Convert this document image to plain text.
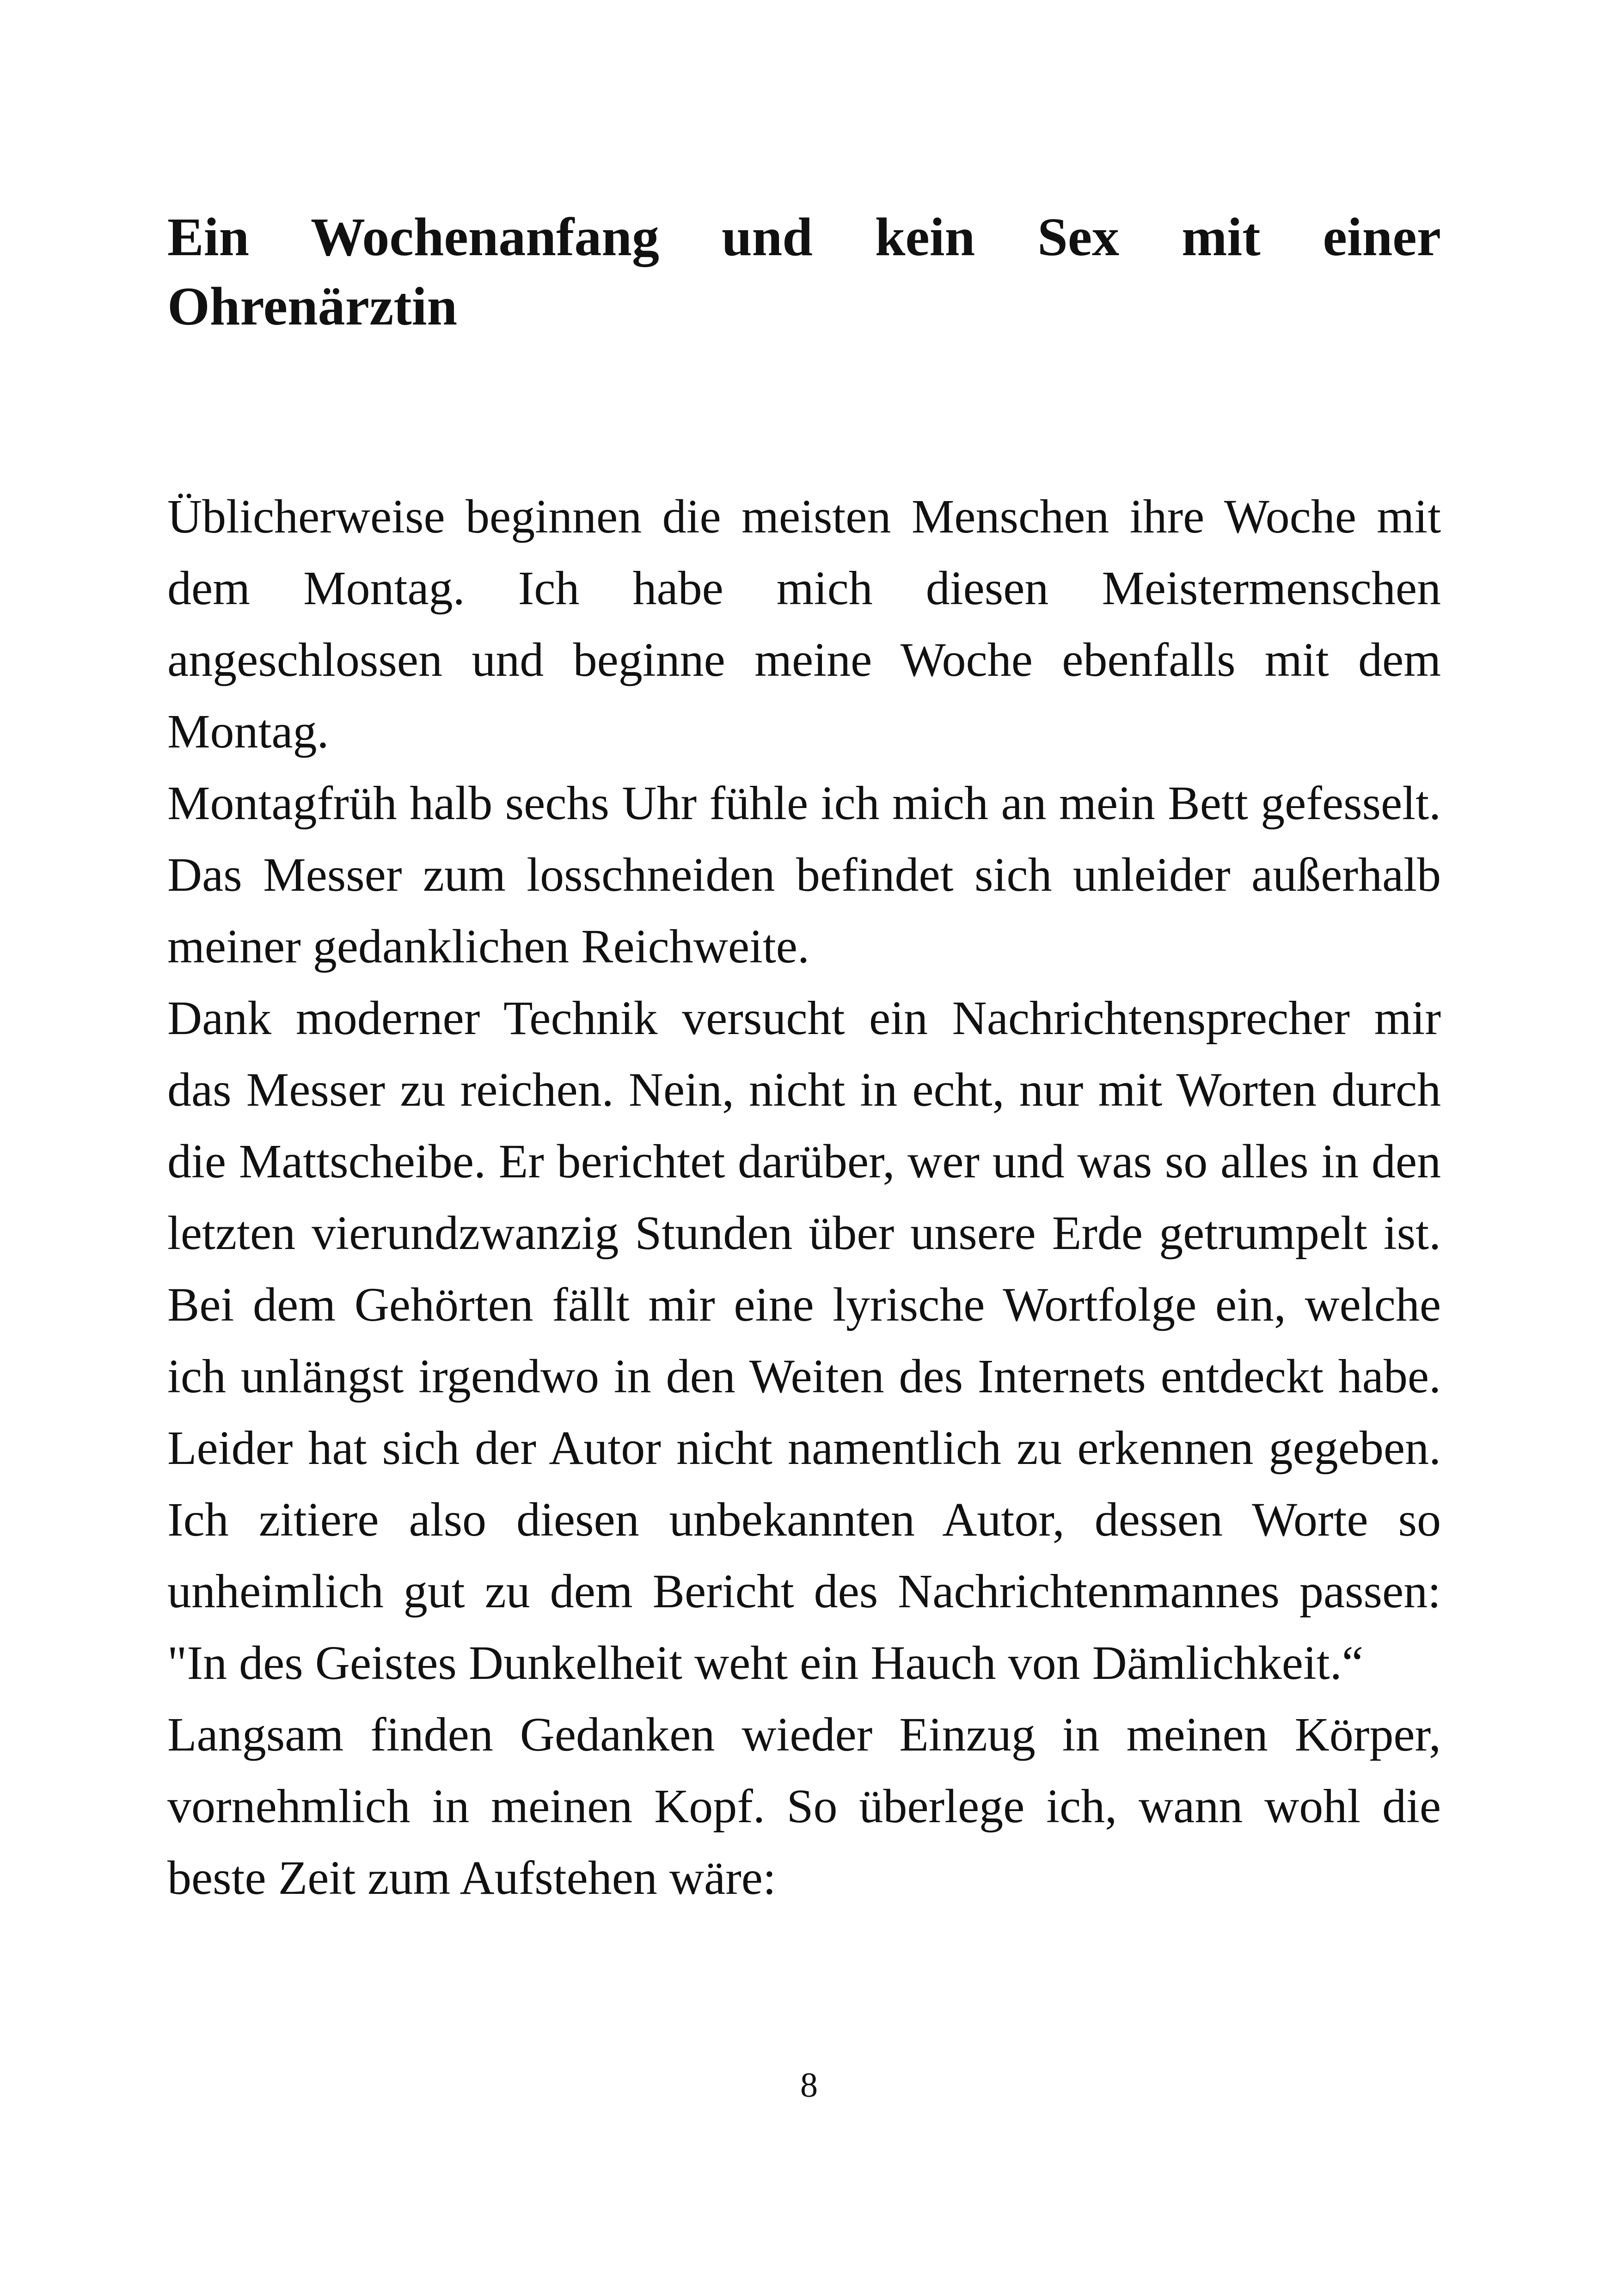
Ein Wochenanfang und kein Sex mit einer Ohrenärztin

Üblicherweise beginnen die meisten Menschen ihre Woche mit dem Montag. Ich habe mich diesen Meistermenschen angeschlossen und beginne meine Woche ebenfalls mit dem Montag.

Montagfrüh halb sechs Uhr fühle ich mich an mein Bett gefesselt. Das Messer zum losschneiden befindet sich unleider außerhalb meiner gedanklichen Reichweite.

Dank moderner Technik versucht ein Nachrichtensprecher mir das Messer zu reichen. Nein, nicht in echt, nur mit Worten durch die Mattscheibe. Er berichtet darüber, wer und was so alles in den letzten vierundzwanzig Stunden über unsere Erde getrumpelt ist. Bei dem Gehörten fällt mir eine lyrische Wortfolge ein, welche ich unlängst irgendwo in den Weiten des Internets entdeckt habe. Leider hat sich der Autor nicht namentlich zu erkennen gegeben. Ich zitiere also diesen unbekannten Autor, dessen Worte so unheimlich gut zu dem Bericht des Nachrichtenmannes passen: "In des Geistes Dunkelheit weht ein Hauch von Dämlichkeit.“

Langsam finden Gedanken wieder Einzug in meinen Körper, vornehmlich in meinen Kopf. So überlege ich, wann wohl die beste Zeit zum Aufstehen wäre:

8
